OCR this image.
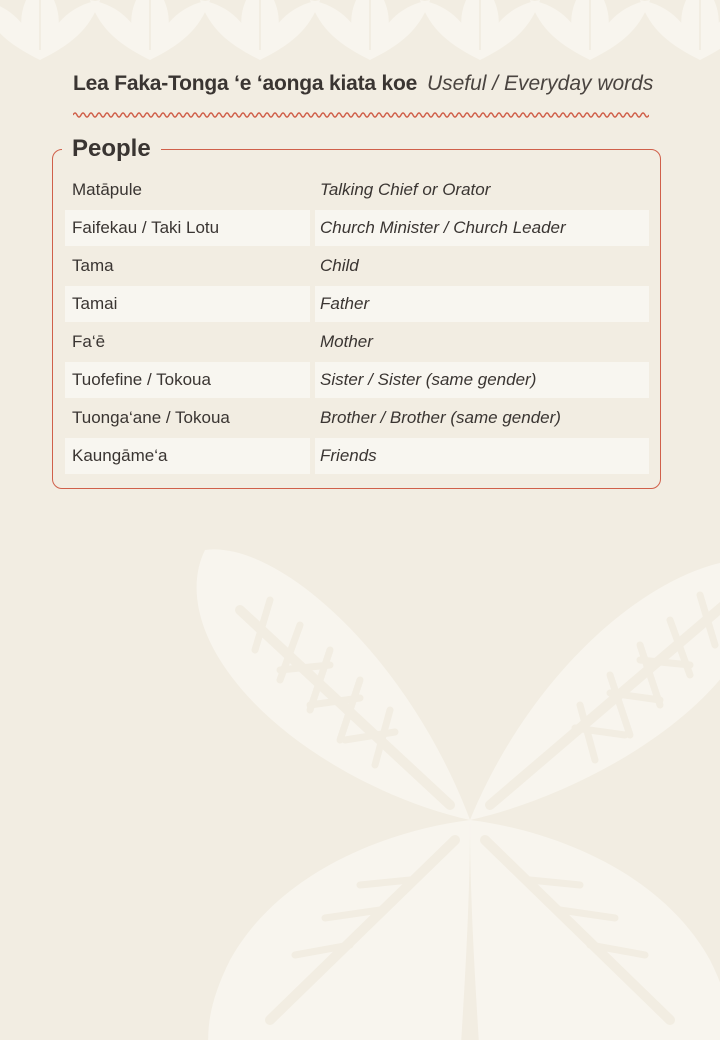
Lea Faka-Tonga ‘e ‘aonga kiata koe Useful / Everyday words
People
Matāpule	Talking Chief or Orator
Faifekau / Taki Lotu	Church Minister / Church Leader
Tama	Child
Tamai	Father
Fa‘ē	Mother
Tuofefine / Tokoua	Sister / Sister (same gender)
Tuonga‘ane / Tokoua	Brother / Brother (same gender)
Kaungāme‘a	Friends
